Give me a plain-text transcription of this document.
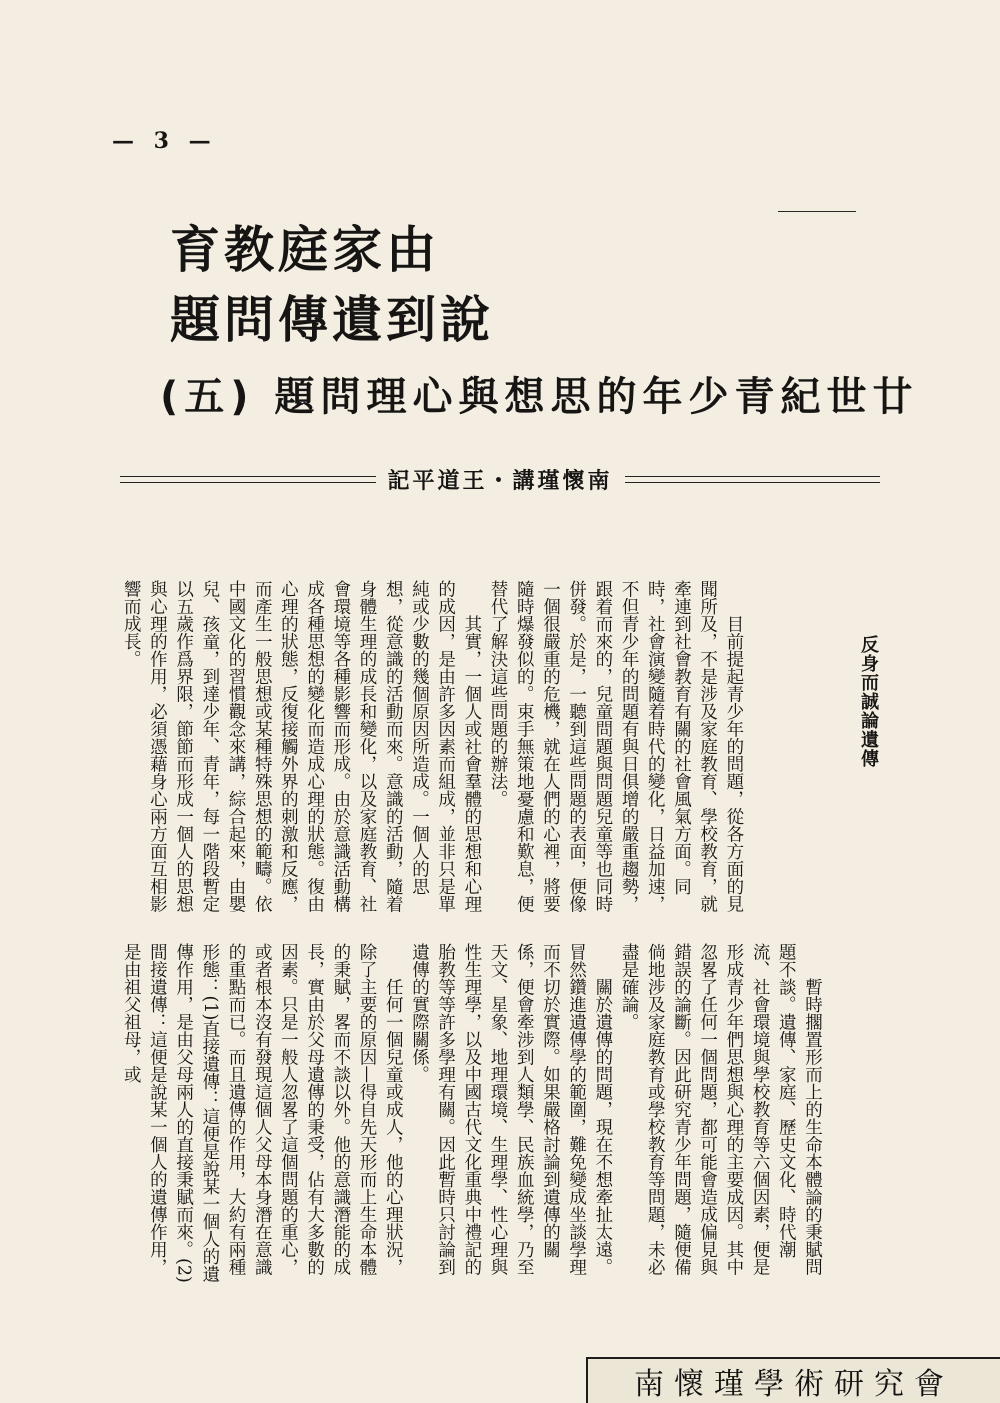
— 3 —
育教庭家由
題問傳遺到說
(五) 題問理心與想思的年少青紀世廿
記平道王・講瑾懷南
反身而誠論遺傳

目前提起青少年的問題，從各方面的見聞所及，不是涉及家庭教育、學校教育，就牽連到社會教育有關的社會風氣方面。同時，社會演變隨着時代的變化，日益加速，不但青少年的問題有與日俱增的嚴重趨勢，跟着而來的，兒童問題與問題兒童等也同時併發。於是，一聽到這些問題的表面，便像一個很嚴重的危機，就在人們的心裡，將要隨時爆發似的。束手無策地憂慮和歎息，便替代了解決這些問題的辦法。

其實，一個人或社會羣體的思想和心理的成因，是由許多因素而組成，並非只是單純或少數的幾個原因所造成。一個人的思想，從意識的活動而來。意識的活動，隨着身體生理的成長和變化，以及家庭教育、社會環境等各種影響而形成。由於意識活動構成各種思想的變化而造成心理的狀態。復由心理的狀態，反復接觸外界的刺激和反應，而產生一般思想或某種特殊思想的範疇。依中國文化的習慣觀念來講，綜合起來，由嬰兒、孩童，到達少年、青年，每一階段暫定以五歲作爲界限，節節而形成一個人的思想與心理的作用，必須憑藉身心兩方面互相影響而成長。

暫時擱置形而上的生命本體論的秉賦問題不談。遺傳、家庭、歷史文化、時代潮流、社會環境與學校教育等六個因素，便是形成青少年們思想與心理的主要成因。其中忽畧了任何一個問題，都可能會造成偏見與錯誤的論斷。因此研究青少年問題，隨便備倘地涉及家庭教育或學校教育等問題，未必盡是確論。

關於遺傳的問題，現在不想牽扯太遠。冒然鑽進遺傳學的範圍，難免變成坐談學理而不切於實際。如果嚴格討論到遺傳的關係，便會牽涉到人類學、民族血統學，乃至天文、星象、地理環境、生理學、性心理與性生理學，以及中國古代文化重典中禮記的胎教等等許多學理有關。因此暫時只討論到遺傳的實際關係。

任何一個兒童或成人，他的心理狀況，除了主要的原因—得自先天形而上生命本體的秉賦，畧而不談以外。他的意識潛能的成長，實由於父母遺傳的秉受，佔有大多數的因素。只是一般人忽畧了這個問題的重心，或者根本沒有發現這個人父母本身潛在意識的重點而已。而且遺傳的作用，大約有兩種形態：(1)直接遺傳：這便是說某一個人的遺傳作用，是由父母兩人的直接秉賦而來。(2)間接遺傳：這便是說某一個人的遺傳作用，是由祖父祖母，或

南懷瑾學術研究會
